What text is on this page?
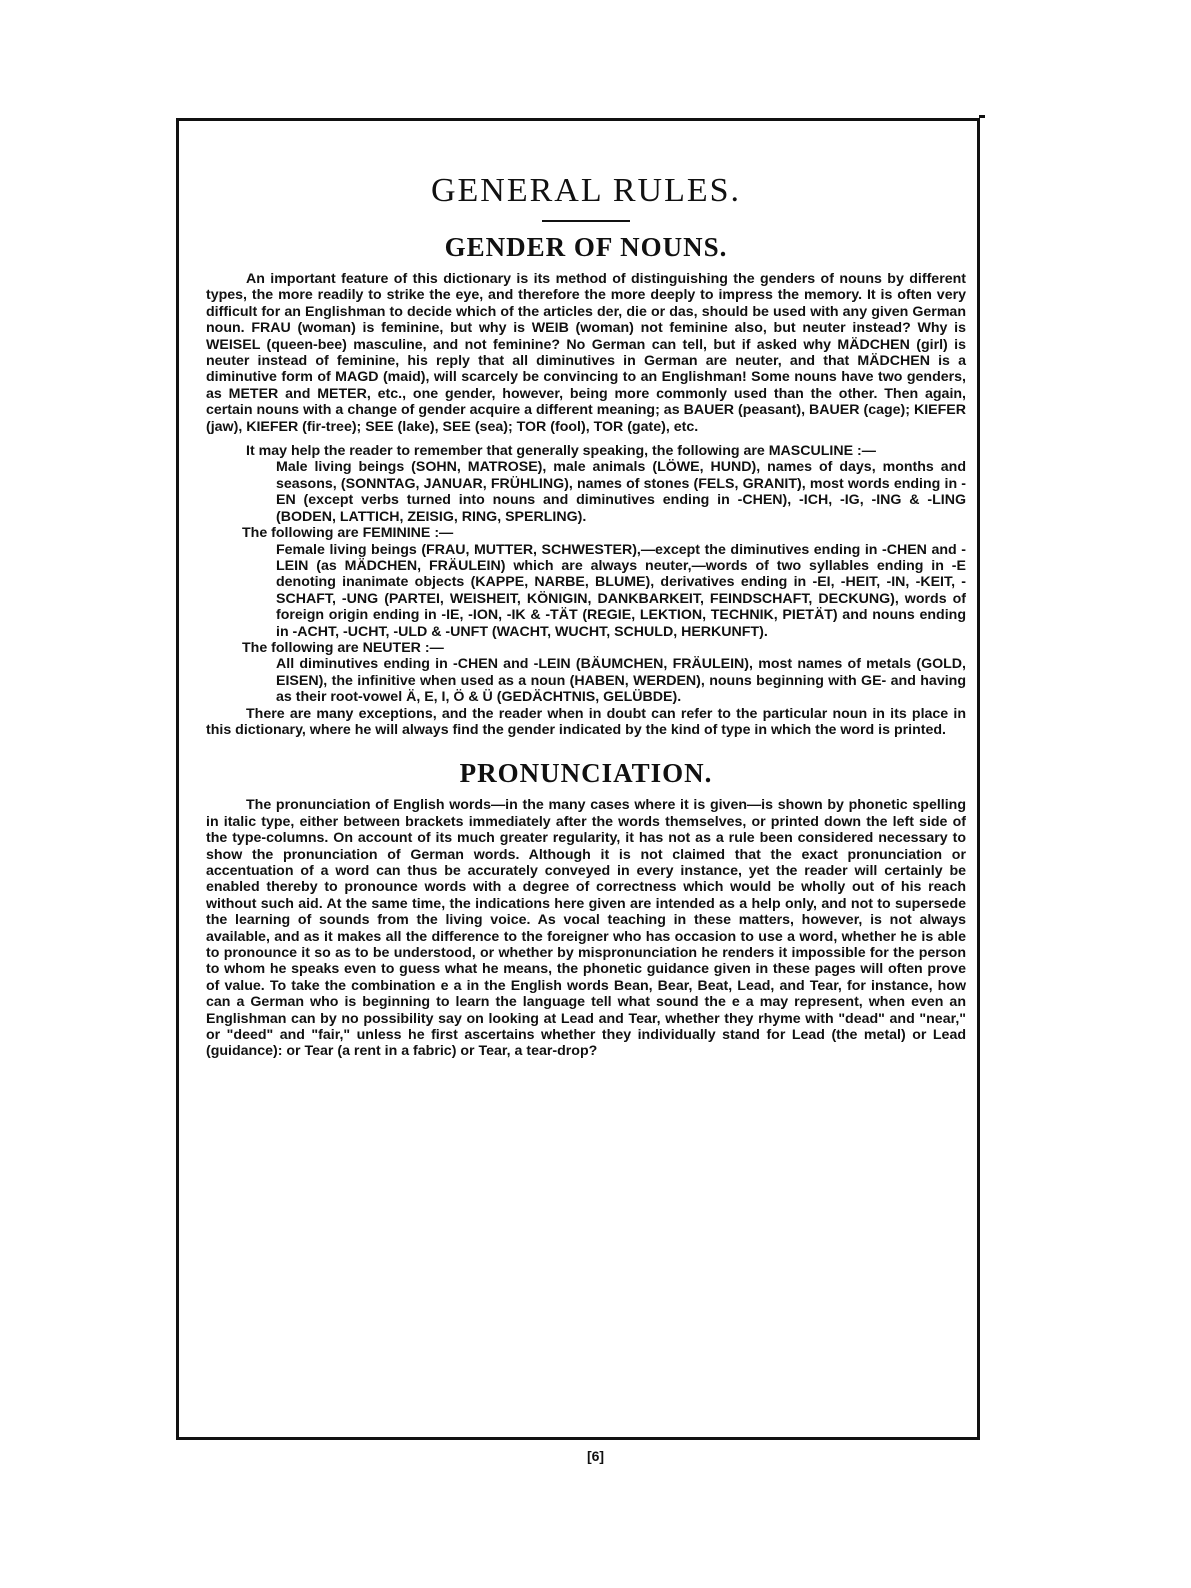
GENERAL RULES.
GENDER OF NOUNS.

An important feature of this dictionary is its method of distinguishing the genders of nouns by different types, the more readily to strike the eye, and therefore the more deeply to impress the memory. It is often very difficult for an Englishman to decide which of the articles der, die or das, should be used with any given German noun. FRAU (woman) is feminine, but why is WEIB (woman) not feminine also, but neuter instead? Why is WEISEL (queen-bee) masculine, and not feminine? No German can tell, but if asked why MÄDCHEN (girl) is neuter instead of feminine, his reply that all diminutives in German are neuter, and that MÄDCHEN is a diminutive form of MAGD (maid), will scarcely be convincing to an Englishman! Some nouns have two genders, as METER and METER, etc., one gender, however, being more commonly used than the other. Then again, certain nouns with a change of gender acquire a different meaning; as BAUER (peasant), BAUER (cage); KIEFER (jaw), KIEFER (fir-tree); SEE (lake), SEE (sea); TOR (fool), TOR (gate), etc.

It may help the reader to remember that generally speaking, the following are MASCULINE :—

Male living beings (SOHN, MATROSE), male animals (LÖWE, HUND), names of days, months and seasons, (SONNTAG, JANUAR, FRÜHLING), names of stones (FELS, GRANIT), most words ending in -EN (except verbs turned into nouns and diminutives ending in -CHEN), -ICH, -IG, -ING & -LING (BODEN, LATTICH, ZEISIG, RING, SPERLING).

The following are FEMININE :—

Female living beings (FRAU, MUTTER, SCHWESTER),—except the diminutives ending in -CHEN and -LEIN (as MÄDCHEN, FRÄULEIN) which are always neuter,—words of two syllables ending in -E denoting inanimate objects (KAPPE, NARBE, BLUME), derivatives ending in -EI, -HEIT, -IN, -KEIT, -SCHAFT, -UNG (PARTEI, WEISHEIT, KÖNIGIN, DANKBARKEIT, FEINDSCHAFT, DECKUNG), words of foreign origin ending in -IE, -ION, -IK & -TÄT (REGIE, LEKTION, TECHNIK, PIETÄT) and nouns ending in -ACHT, -UCHT, -ULD & -UNFT (WACHT, WUCHT, SCHULD, HERKUNFT).

The following are NEUTER :—

All diminutives ending in -CHEN and -LEIN (BÄUMCHEN, FRÄULEIN), most names of metals (GOLD, EISEN), the infinitive when used as a noun (HABEN, WERDEN), nouns beginning with GE- and having as their root-vowel Ä, E, I, Ö & Ü (GEDÄCHTNIS, GELÜBDE).

There are many exceptions, and the reader when in doubt can refer to the particular noun in its place in this dictionary, where he will always find the gender indicated by the kind of type in which the word is printed.

PRONUNCIATION.

The pronunciation of English words—in the many cases where it is given—is shown by phonetic spelling in italic type, either between brackets immediately after the words themselves, or printed down the left side of the type-columns. On account of its much greater regularity, it has not as a rule been considered necessary to show the pronunciation of German words. Although it is not claimed that the exact pronunciation or accentuation of a word can thus be accurately conveyed in every instance, yet the reader will certainly be enabled thereby to pronounce words with a degree of correctness which would be wholly out of his reach without such aid. At the same time, the indications here given are intended as a help only, and not to supersede the learning of sounds from the living voice. As vocal teaching in these matters, however, is not always available, and as it makes all the difference to the foreigner who has occasion to use a word, whether he is able to pronounce it so as to be understood, or whether by mispronunciation he renders it impossible for the person to whom he speaks even to guess what he means, the phonetic guidance given in these pages will often prove of value. To take the combination e a in the English words Bean, Bear, Beat, Lead, and Tear, for instance, how can a German who is beginning to learn the language tell what sound the e a may represent, when even an Englishman can by no possibility say on looking at Lead and Tear, whether they rhyme with "dead" and "near," or "deed" and "fair," unless he first ascertains whether they individually stand for Lead (the metal) or Lead (guidance): or Tear (a rent in a fabric) or Tear, a tear-drop?

[6]
